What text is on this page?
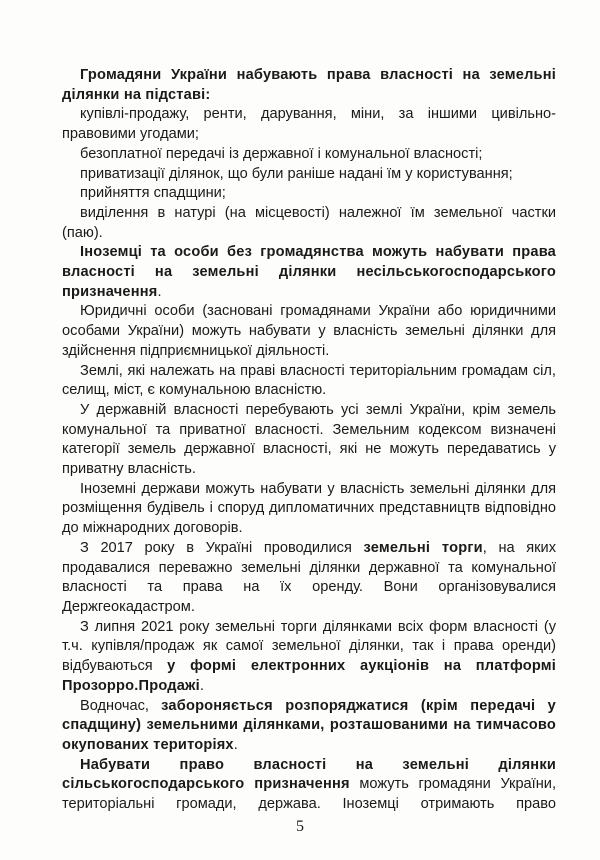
Громадяни України набувають права власності на земельні ділянки на підставі:

купівлі-продажу, ренти, дарування, міни, за іншими цивільно-правовими угодами;

безоплатної передачі із державної і комунальної власності;

приватизації ділянок, що були раніше надані їм у користування;

прийняття спадщини;

виділення в натурі (на місцевості) належної їм земельної частки (паю).

Іноземці та особи без громадянства можуть набувати права власності на земельні ділянки несільськогосподарського призначення.

Юридичні особи (засновані громадянами України або юридичними особами України) можуть набувати у власність земельні ділянки для здійснення підприємницької діяльності.

Землі, які належать на праві власності територіальним громадам сіл, селищ, міст, є комунальною власністю.

У державній власності перебувають усі землі України, крім земель комунальної та приватної власності. Земельним кодексом визначені категорії земель державної власності, які не можуть передаватись у приватну власність.

Іноземні держави можуть набувати у власність земельні ділянки для розміщення будівель і споруд дипломатичних представництв відповідно до міжнародних договорів.

З 2017 року в Україні проводилися земельні торги, на яких продавалися переважно земельні ділянки державної та комунальної власності та права на їх оренду. Вони організовувалися Держгеокадастром.

З липня 2021 року земельні торги ділянками всіх форм власності (у т.ч. купівля/продаж як самої земельної ділянки, так і права оренди) відбуваються у формі електронних аукціонів на платформі Прозорро.Продажі.

Водночас, забороняється розпоряджатися (крім передачі у спадщину) земельними ділянками, розташованими на тимчасово окупованих територіях.

Набувати право власності на земельні ділянки сільськогосподарського призначення можуть громадяни України, територіальні громади, держава. Іноземці отримають право

5
